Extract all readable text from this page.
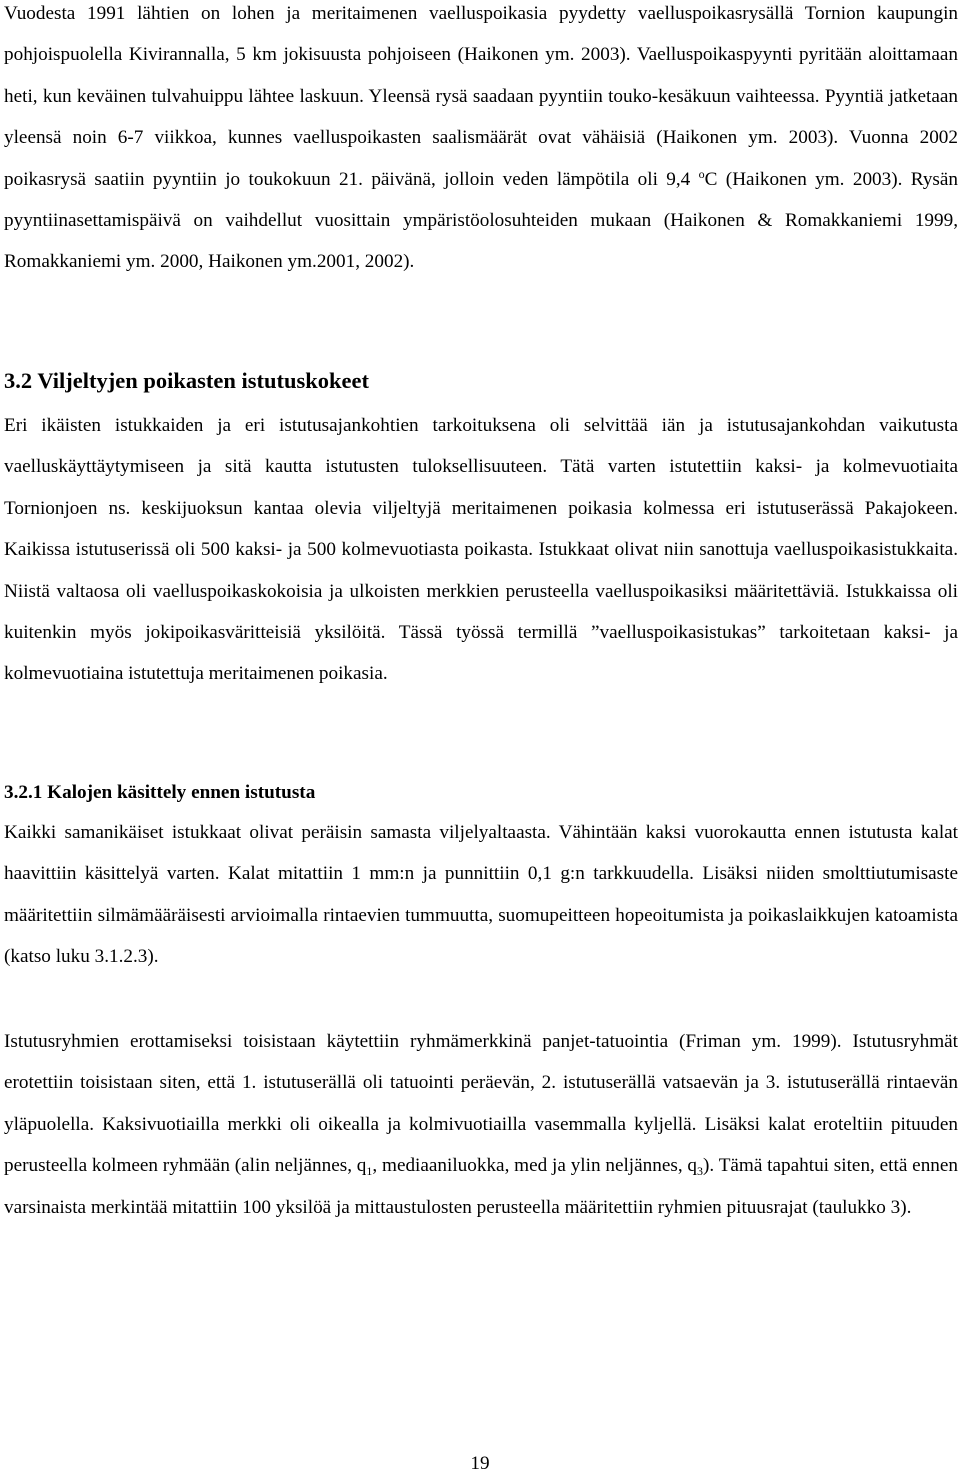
Vuodesta 1991 lähtien on lohen ja meritaimenen vaelluspoikasia pyydetty vaelluspoikasrysällä Tornion kaupungin pohjoispuolella Kivirannalla, 5 km jokisuusta pohjoiseen (Haikonen ym. 2003). Vaelluspoikaspyynti pyritään aloittamaan heti, kun keväinen tulvahuippu lähtee laskuun. Yleensä rysä saadaan pyyntiin touko-kesäkuun vaihteessa. Pyyntiä jatketaan yleensä noin 6-7 viikkoa, kunnes vaelluspoikasten saalismäärät ovat vähäisiä (Haikonen ym. 2003). Vuonna 2002 poikasrysä saatiin pyyntiin jo toukokuun 21. päivänä, jolloin veden lämpötila oli 9,4 $^o$C (Haikonen ym. 2003). Rysän pyyntiinasettamispäivä on vaihdellut vuosittain ympäristöolosuhteiden mukaan (Haikonen & Romakkaniemi 1999, Romakkaniemi ym. 2000, Haikonen ym.2001, 2002).

3.2 Viljeltyjen poikasten istutuskokeet

Eri ikäisten istukkaiden ja eri istutusajankohtien tarkoituksena oli selvittää iän ja istutusajankohdan vaikutusta vaelluskäyttäytymiseen ja sitä kautta istutusten tuloksellisuuteen. Tätä varten istutettiin kaksi- ja kolmevuotiaita Tornionjoen ns. keskijuoksun kantaa olevia viljeltyjä meritaimenen poikasia kolmessa eri istutuserässä Pakajokeen. Kaikissa istutuserissä oli 500 kaksi- ja 500 kolmevuotiasta poikasta. Istukkaat olivat niin sanottuja vaelluspoikasistukkaita. Niistä valtaosa oli vaelluspoikaskokoisia ja ulkoisten merkkien perusteella vaelluspoikasiksi määritettäviä. Istukkaissa oli kuitenkin myös jokipoikasväritteisiä yksilöitä. Tässä työssä termillä ”vaelluspoikasistukas” tarkoitetaan kaksi- ja kolmevuotiaina istutettuja meritaimenen poikasia.

3.2.1 Kalojen käsittely ennen istutusta

Kaikki samanikäiset istukkaat olivat peräisin samasta viljelyaltaasta. Vähintään kaksi vuorokautta ennen istutusta kalat haavittiin käsittelyä varten. Kalat mitattiin 1 mm:n ja punnittiin 0,1 g:n tarkkuudella. Lisäksi niiden smolttiutumisaste määritettiin silmämääräisesti arvioimalla rintaevien tummuutta, suomupeitteen hopeoitumista ja poikaslaikkujen katoamista (katso luku 3.1.2.3).

Istutusryhmien erottamiseksi toisistaan käytettiin ryhmämerkkinä panjet-tatuointia (Friman ym. 1999). Istutusryhmät erotettiin toisistaan siten, että 1. istutuserällä oli tatuointi peräevän, 2. istutuserällä vatsaevän ja 3. istutuserällä rintaevän yläpuolella. Kaksivuotiailla merkki oli oikealla ja kolmivuotiailla vasemmalla kyljellä. Lisäksi kalat eroteltiin pituuden perusteella kolmeen ryhmään (alin neljännes, $q_1$, mediaaniluokka, med ja ylin neljännes, $q_3$). Tämä tapahtui siten, että ennen varsinaista merkintää mitattiin 100 yksilöä ja mittaustulosten perusteella määritettiin ryhmien pituusrajat (taulukko 3).

19
